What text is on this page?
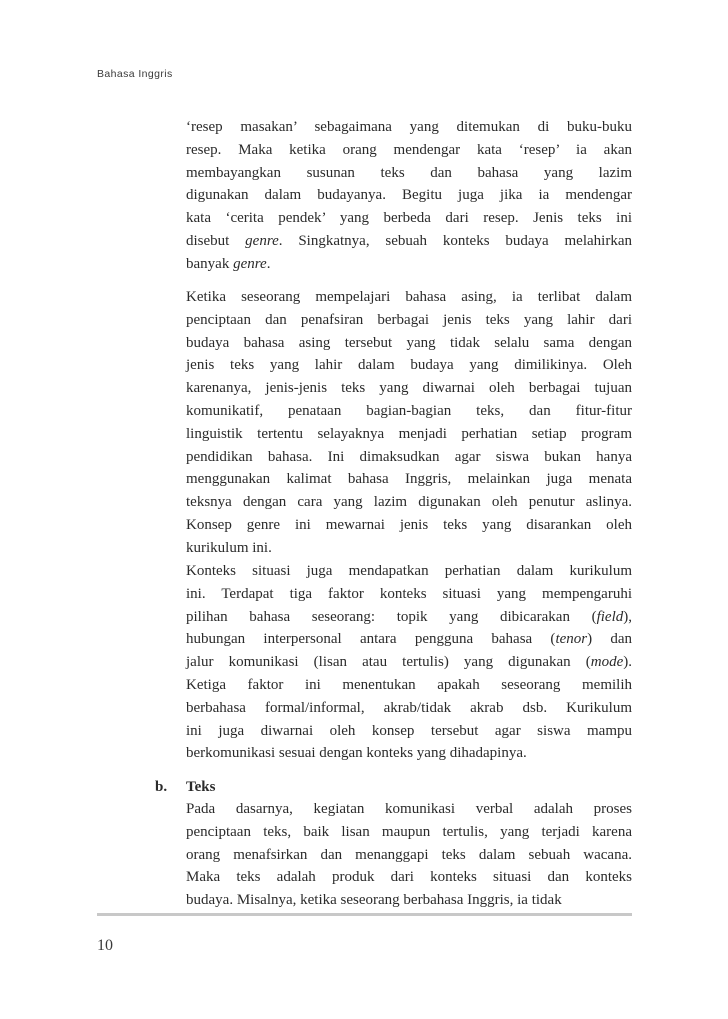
Bahasa Inggris
‘resep masakan’ sebagaimana yang ditemukan di buku-buku
resep. Maka ketika orang mendengar kata ‘resep’ ia akan
membayangkan susunan teks dan bahasa yang lazim
digunakan dalam budayanya. Begitu juga jika ia mendengar
kata ‘cerita pendek’ yang berbeda dari resep. Jenis teks ini
disebut genre. Singkatnya, sebuah konteks budaya melahirkan
banyak genre.
Ketika seseorang mempelajari bahasa asing, ia terlibat dalam
penciptaan dan penafsiran berbagai jenis teks yang lahir dari
budaya bahasa asing tersebut yang tidak selalu sama dengan
jenis teks yang lahir dalam budaya yang dimilikinya. Oleh
karenanya, jenis-jenis teks yang diwarnai oleh berbagai tujuan
komunikatif, penataan bagian-bagian teks, dan fitur-fitur
linguistik tertentu selayaknya menjadi perhatian setiap program
pendidikan bahasa. Ini dimaksudkan agar siswa bukan hanya
menggunakan kalimat bahasa Inggris, melainkan juga menata
teksnya dengan cara yang lazim digunakan oleh penutur aslinya.
Konsep genre ini mewarnai jenis teks yang disarankan oleh
kurikulum ini.
Konteks situasi juga mendapatkan perhatian dalam kurikulum
ini. Terdapat tiga faktor konteks situasi yang mempengaruhi
pilihan bahasa seseorang: topik yang dibicarakan (field),
hubungan interpersonal antara pengguna bahasa (tenor) dan
jalur komunikasi (lisan atau tertulis) yang digunakan (mode).
Ketiga faktor ini menentukan apakah seseorang memilih
berbahasa formal/informal, akrab/tidak akrab dsb. Kurikulum
ini juga diwarnai oleh konsep tersebut agar siswa mampu
berkomunikasi sesuai dengan konteks yang dihadapinya.
b. Teks
Pada dasarnya, kegiatan komunikasi verbal adalah proses
penciptaan teks, baik lisan maupun tertulis, yang terjadi karena
orang menafsirkan dan menanggapi teks dalam sebuah wacana.
Maka teks adalah produk dari konteks situasi dan konteks
budaya. Misalnya, ketika seseorang berbahasa Inggris, ia tidak
10
